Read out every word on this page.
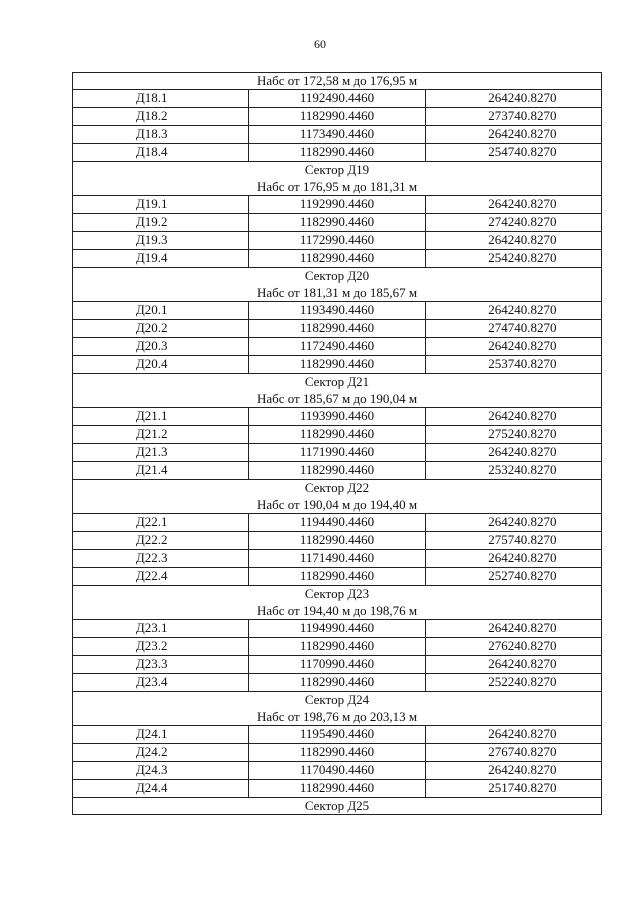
60
Набс от 172,58 м до 176,95 м		

Д18.1	1192490.4460	264240.8270
Д18.2	1182990.4460	273740.8270
Д18.3	1173490.4460	264240.8270
Д18.4	1182990.4460	254740.8270

Сектор Д19
Набс от 176,95 м до 181,31 м		

Д19.1	1192990.4460	264240.8270
Д19.2	1182990.4460	274240.8270
Д19.3	1172990.4460	264240.8270
Д19.4	1182990.4460	254240.8270

Сектор Д20
Набс от 181,31 м до 185,67 м		

Д20.1	1193490.4460	264240.8270
Д20.2	1182990.4460	274740.8270
Д20.3	1172490.4460	264240.8270
Д20.4	1182990.4460	253740.8270

Сектор Д21
Набс от 185,67 м до 190,04 м		

Д21.1	1193990.4460	264240.8270
Д21.2	1182990.4460	275240.8270
Д21.3	1171990.4460	264240.8270
Д21.4	1182990.4460	253240.8270

Сектор Д22
Набс от 190,04 м до 194,40 м		

Д22.1	1194490.4460	264240.8270
Д22.2	1182990.4460	275740.8270
Д22.3	1171490.4460	264240.8270
Д22.4	1182990.4460	252740.8270

Сектор Д23
Набс от 194,40 м до 198,76 м		

Д23.1	1194990.4460	264240.8270
Д23.2	1182990.4460	276240.8270
Д23.3	1170990.4460	264240.8270
Д23.4	1182990.4460	252240.8270

Сектор Д24
Набс от 198,76 м до 203,13 м		

Д24.1	1195490.4460	264240.8270
Д24.2	1182990.4460	276740.8270
Д24.3	1170490.4460	264240.8270
Д24.4	1182990.4460	251740.8270

Сектор Д25		
